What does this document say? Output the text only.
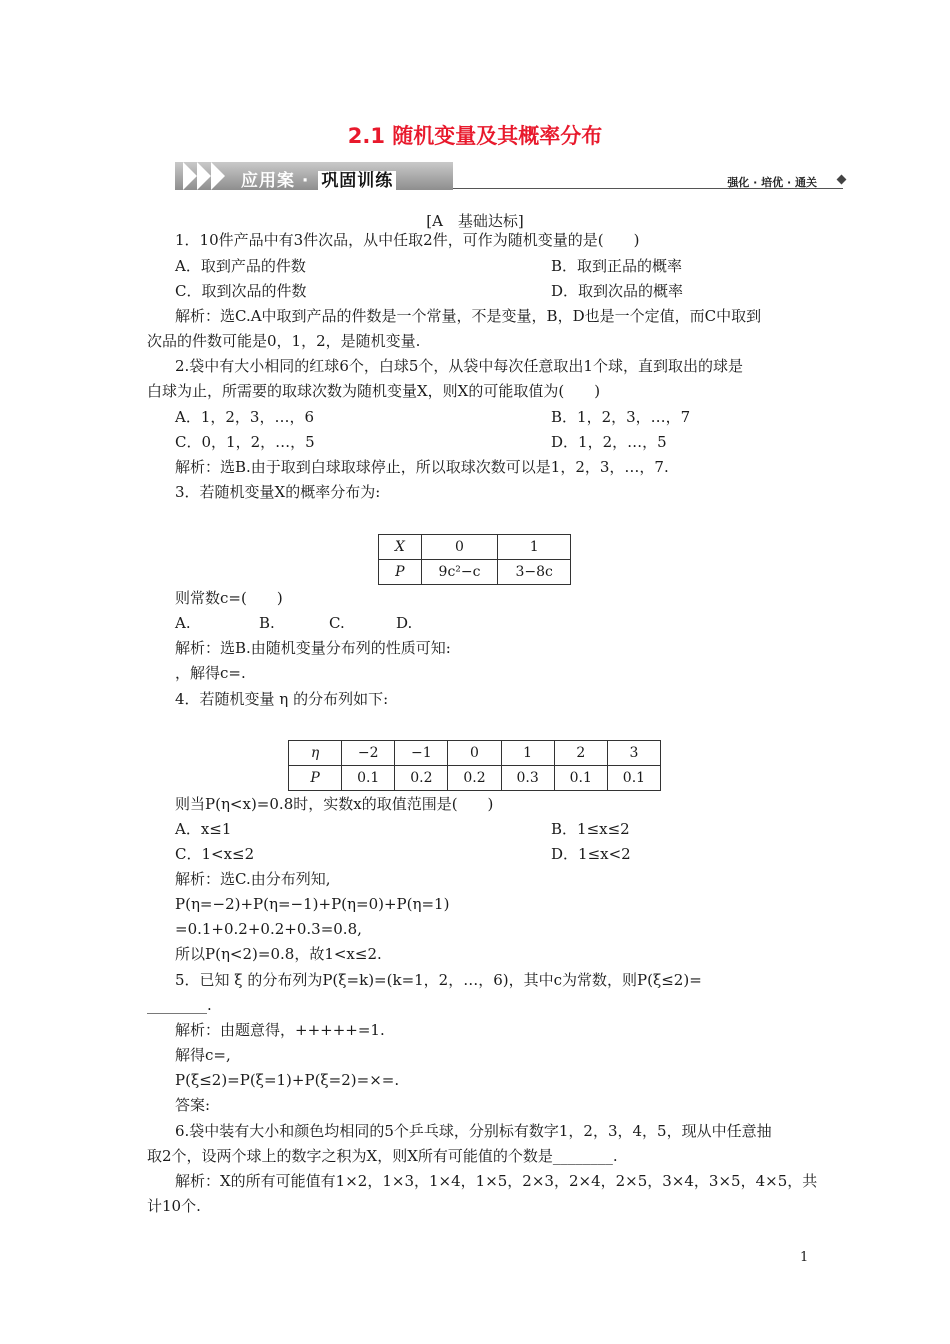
2.1 随机变量及其概率分布
应用案 · 巩固训练	强化 · 培优 · 通关
[A　基础达标]
1．10件产品中有3件次品，从中任取2件，可作为随机变量的是(　　)
A．取到产品的件数	B．取到正品的概率
C．取到次品的件数	D．取到次品的概率
解析：选C.A中取到产品的件数是一个常量，不是变量，B，D也是一个定值，而C中取到
次品的件数可能是0，1，2，是随机变量.
2.袋中有大小相同的红球6个，白球5个，从袋中每次任意取出1个球，直到取出的球是
白球为止，所需要的取球次数为随机变量X，则X的可能取值为(　　)
A．1，2，3，…，6	B．1，2，3，…，7
C．0，1，2，…，5	D．1，2，…，5
解析：选B.由于取到白球取球停止，所以取球次数可以是1，2，3，…，7.
3．若随机变量X的概率分布为:
X	0	1
P	9c²−c	3−8c
则常数c=(　　)
A.	B.	C.	D.
解析：选B.由随机变量分布列的性质可知:
，解得c=.
4．若随机变量 η 的分布列如下:
η	−2	−1	0	1	2	3
P	0.1	0.2	0.2	0.3	0.1	0.1
则当P(η<x)=0.8时，实数x的取值范围是(　　)
A．x≤1	B．1≤x≤2
C．1<x≤2	D．1≤x<2
解析：选C.由分布列知,
P(η=−2)+P(η=−1)+P(η=0)+P(η=1)
=0.1+0.2+0.2+0.3=0.8,
所以P(η<2)=0.8，故1<x≤2.
5．已知 ξ 的分布列为P(ξ=k)=(k=1，2，…，6)，其中c为常数，则P(ξ≤2)=
________.
解析：由题意得，+++++=1.
解得c=,
P(ξ≤2)=P(ξ=1)+P(ξ=2)=×=.
答案:
6.袋中装有大小和颜色均相同的5个乒乓球，分别标有数字1，2，3，4，5，现从中任意抽
取2个，设两个球上的数字之积为X，则X所有可能值的个数是________.
解析：X的所有可能值有1×2，1×3，1×4，1×5，2×3，2×4，2×5，3×4，3×5，4×5，共
计10个.
1
